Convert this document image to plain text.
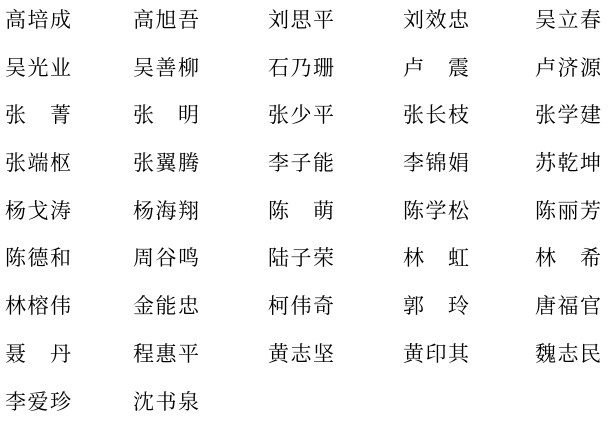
高培成	高旭吾	刘思平	刘效忠	吴立春
吴光业	吴善柳	石乃珊	卢　震	卢济源
张　菁	张　明	张少平	张长枝	张学建
张端枢	张翼腾	李子能	李锦娟	苏乾坤
杨戈涛	杨海翔	陈　萌	陈学松	陈丽芳
陈德和	周谷鸣	陆子荣	林　虹	林　希
林榕伟	金能忠	柯伟奇	郭　玲	唐福官
聂　丹	程惠平	黄志坚	黄印其	魏志民
李爱珍	沈书泉
